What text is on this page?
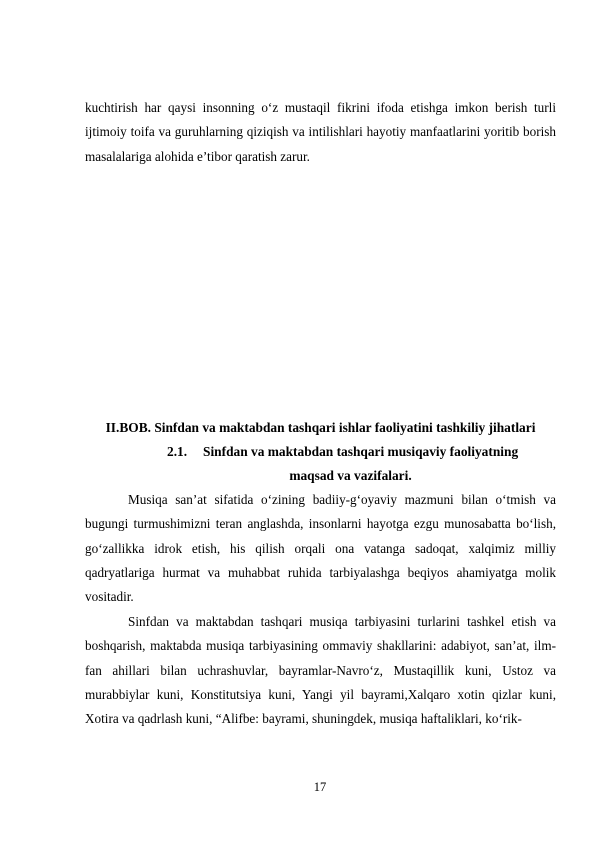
kuchtirish har qaysi insonning o‘z mustaqil fikrini ifoda etishga imkon berish turli ijtimoiy toifa va guruhlarning qiziqish va intilishlari hayotiy manfaatlarini yoritib borish masalalariga alohida e’tibor qaratish zarur.

II.BOB. Sinfdan va maktabdan tashqari ishlar faoliyatini tashkiliy jihatlari
2.1. Sinfdan va maktabdan tashqari musiqaviy faoliyatning
maqsad va vazifalari.

Musiqa san’at sifatida o‘zining badiiy-g‘oyaviy mazmuni bilan o‘tmish va bugungi turmushimizni teran anglashda, insonlarni hayotga ezgu munosabatta bo‘lish, go‘zallikka idrok etish, his qilish orqali ona vatanga sadoqat, xalqimiz milliy qadryatlariga hurmat va muhabbat ruhida tarbiyalashga beqiyos ahamiyatga molik vositadir.

Sinfdan va maktabdan tashqari musiqa tarbiyasini turlarini tashkel etish va boshqarish, maktabda musiqa tarbiyasining ommaviy shakllarini: adabiyot, san’at, ilm-fan ahillari bilan uchrashuvlar, bayramlar-Navro‘z, Mustaqillik kuni, Ustoz va murabbiylar kuni, Konstitutsiya kuni, Yangi yil bayrami,Xalqaro xotin qizlar kuni, Xotira va qadrlash kuni, “Alifbe: bayrami, shuningdek, musiqa haftaliklari, ko‘rik-

17
